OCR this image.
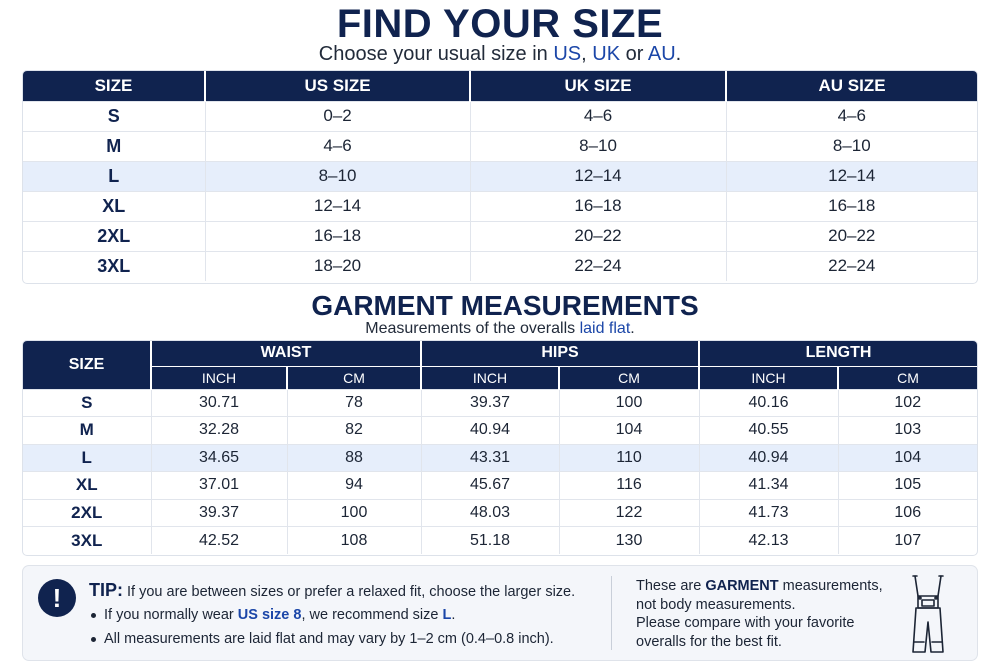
FIND YOUR SIZE
Choose your usual size in US, UK or AU.
SIZE	US SIZE	UK SIZE	AU SIZE
S	0–2	4–6	4–6
M	4–6	8–10	8–10
L	8–10	12–14	12–14
XL	12–14	16–18	16–18
2XL	16–18	20–22	20–22
3XL	18–20	22–24	22–24
GARMENT MEASUREMENTS
Measurements of the overalls laid flat.
SIZE	WAIST		HIPS		LENGTH	
	INCH	CM	INCH	CM	INCH	CM
S	30.71	78	39.37	100	40.16	102
M	32.28	82	40.94	104	40.55	103
L	34.65	88	43.31	110	40.94	104
XL	37.01	94	45.67	116	41.34	105
2XL	39.37	100	48.03	122	41.73	106
3XL	42.52	108	51.18	130	42.13	107
!	TIP: If you are between sizes or prefer a relaxed fit, choose the larger size.
If you normally wear US size 8, we recommend size L.
All measurements are laid flat and may vary by 1–2 cm (0.4–0.8 inch).
These are GARMENT measurements,
not body measurements.
Please compare with your favorite
overalls for the best fit.
